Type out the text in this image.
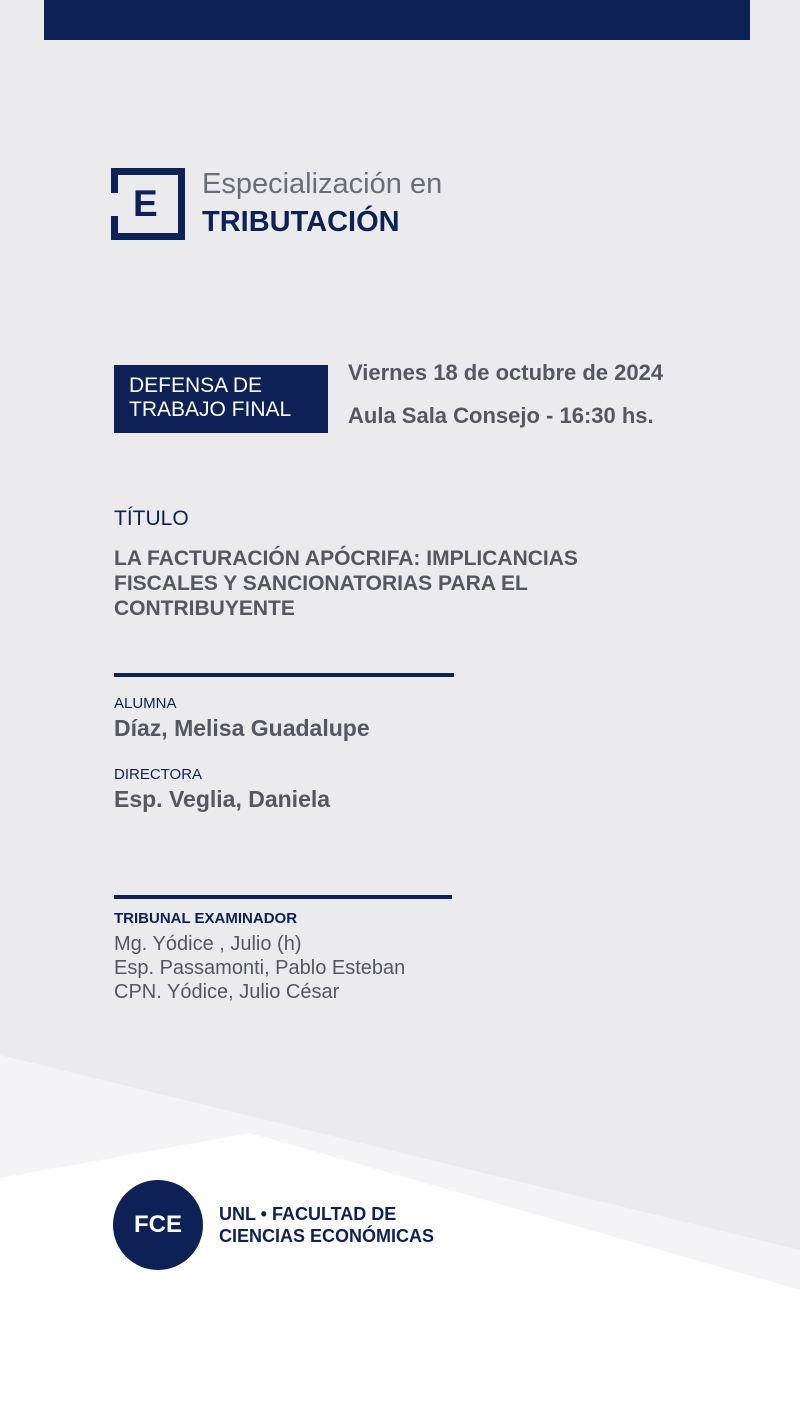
E Especialización en
TRIBUTACIÓN
DEFENSA DE
TRABAJO FINAL
Viernes 18 de octubre de 2024
Aula Sala Consejo - 16:30 hs.
TÍTULO
LA FACTURACIÓN APÓCRIFA: IMPLICANCIAS
FISCALES Y SANCIONATORIAS PARA EL
CONTRIBUYENTE
ALUMNA
Díaz, Melisa Guadalupe
DIRECTORA
Esp. Veglia, Daniela
TRIBUNAL EXAMINADOR
Mg. Yódice , Julio (h)
Esp. Passamonti, Pablo Esteban
CPN. Yódice, Julio César
FCE	UNL • FACULTAD DE
CIENCIAS ECONÓMICAS
